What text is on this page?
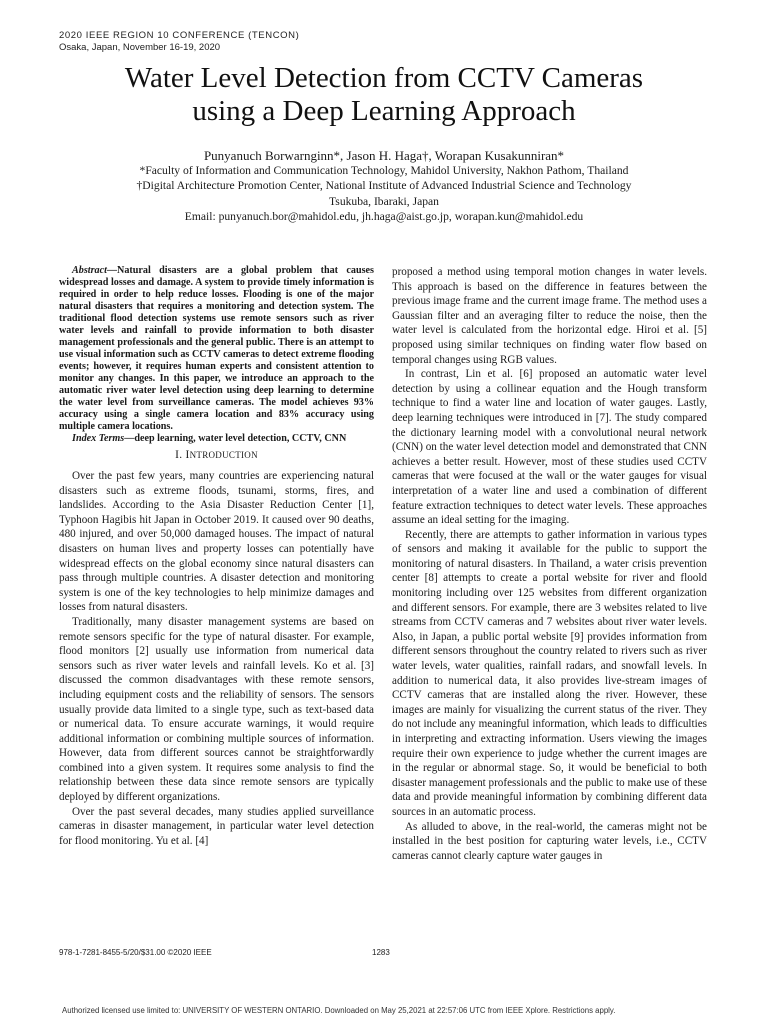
2020 IEEE REGION 10 CONFERENCE (TENCON)
Osaka, Japan, November 16-19, 2020
Water Level Detection from CCTV Cameras
using a Deep Learning Approach
Punyanuch Borwarnginn*, Jason H. Haga†, Worapan Kusakunniran*
*Faculty of Information and Communication Technology, Mahidol University, Nakhon Pathom, Thailand
†Digital Architecture Promotion Center, National Institute of Advanced Industrial Science and Technology
Tsukuba, Ibaraki, Japan
Email: punyanuch.bor@mahidol.edu, jh.haga@aist.go.jp, worapan.kun@mahidol.edu

Abstract—Natural disasters are a global problem that causes widespread losses and damage. A system to provide timely information is required in order to help reduce losses. Flooding is one of the major natural disasters that requires a monitoring and detection system. The traditional flood detection systems use remote sensors such as river water levels and rainfall to provide information to both disaster management professionals and the general public. There is an attempt to use visual information such as CCTV cameras to detect extreme flooding events; however, it requires human experts and consistent attention to monitor any changes. In this paper, we introduce an approach to the automatic river water level detection using deep learning to determine the water level from surveillance cameras. The model achieves 93% accuracy using a single camera location and 83% accuracy using multiple camera locations.

Index Terms—deep learning, water level detection, CCTV, CNN

I. INTRODUCTION

Over the past few years, many countries are experiencing natural disasters such as extreme floods, tsunami, storms, fires, and landslides. According to the Asia Disaster Reduction Center [1], Typhoon Hagibis hit Japan in October 2019. It caused over 90 deaths, 480 injured, and over 50,000 damaged houses. The impact of natural disasters on human lives and property losses can potentially have widespread effects on the global economy since natural disasters can pass through multiple countries. A disaster detection and monitoring system is one of the key technologies to help minimize damages and losses from natural disasters.

Traditionally, many disaster management systems are based on remote sensors specific for the type of natural disaster. For example, flood monitors [2] usually use information from numerical data sensors such as river water levels and rainfall levels. Ko et al. [3] discussed the common disadvantages with these remote sensors, including equipment costs and the reliability of sensors. The sensors usually provide data limited to a single type, such as text-based data or numerical data. To ensure accurate warnings, it would require additional information or combining multiple sources of information. However, data from different sources cannot be straightforwardly combined into a given system. It requires some analysis to find the relationship between these data since remote sensors are typically deployed by different organizations.

Over the past several decades, many studies applied surveillance cameras in disaster management, in particular water level detection for flood monitoring. Yu et al. [4]

proposed a method using temporal motion changes in water levels. This approach is based on the difference in features between the previous image frame and the current image frame. The method uses a Gaussian filter and an averaging filter to reduce the noise, then the water level is calculated from the horizontal edge. Hiroi et al. [5] proposed using similar techniques on finding water flow based on temporal changes using RGB values.

In contrast, Lin et al. [6] proposed an automatic water level detection by using a collinear equation and the Hough transform technique to find a water line and location of water gauges. Lastly, deep learning techniques were introduced in [7]. The study compared the dictionary learning model with a convolutional neural network (CNN) on the water level detection model and demonstrated that CNN achieves a better result. However, most of these studies used CCTV cameras that were focused at the wall or the water gauges for visual interpretation of a water line and used a combination of different feature extraction techniques to detect water levels. These approaches assume an ideal setting for the imaging.

Recently, there are attempts to gather information in various types of sensors and making it available for the public to support the monitoring of natural disasters. In Thailand, a water crisis prevention center [8] attempts to create a portal website for river and floold monitoring including over 125 websites from different organization and different sensors. For example, there are 3 websites related to live streams from CCTV cameras and 7 websites about river water levels. Also, in Japan, a public portal website [9] provides information from different sensors throughout the country related to rivers such as river water levels, water qualities, rainfall radars, and snowfall levels. In addition to numerical data, it also provides live-stream images of CCTV cameras that are installed along the river. However, these images are mainly for visualizing the current status of the river. They do not include any meaningful information, which leads to difficulties in interpreting and extracting information. Users viewing the images require their own experience to judge whether the current images are in the regular or abnormal stage. So, it would be beneficial to both disaster management professionals and the public to make use of these data and provide meaningful information by combining different data sources in an automatic process.

As alluded to above, in the real-world, the cameras might not be installed in the best position for capturing water levels, i.e., CCTV cameras cannot clearly capture water gauges in

978-1-7281-8455-5/20/$31.00 ©2020 IEEE	1283
Authorized licensed use limited to: UNIVERSITY OF WESTERN ONTARIO. Downloaded on May 25,2021 at 22:57:06 UTC from IEEE Xplore. Restrictions apply.
